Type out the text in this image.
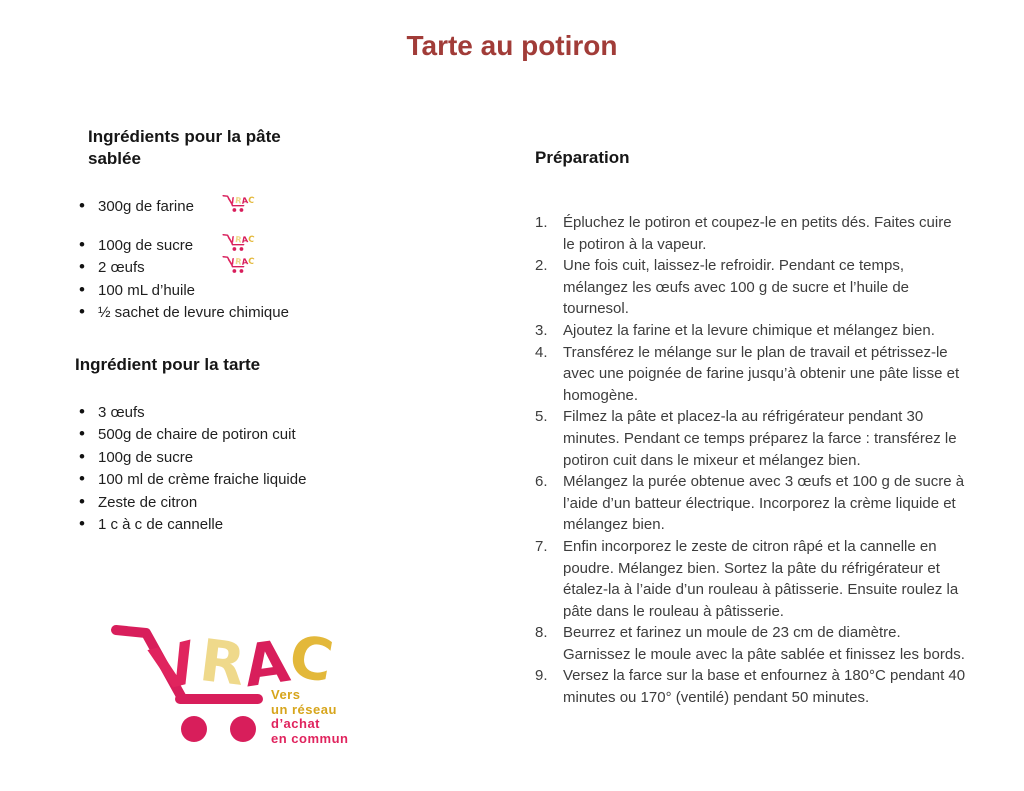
Tarte au potiron
Ingrédients pour la pâte sablée
• 300g de farine
• 100g de sucre
• 2 œufs
• 100 mL d’huile
• ½ sachet de levure chimique
Ingrédient pour la tarte
• 3 œufs
• 500g de chaire de potiron cuit
• 100g de sucre
• 100 ml de crème fraiche liquide
• Zeste de citron
• 1 c à c de cannelle
Vers
un réseau
d’achat
en commun
Préparation
Épluchez le potiron et coupez-le en petits dés. Faites cuire le potiron à la vapeur.
Une fois cuit, laissez-le refroidir. Pendant ce temps, mélangez les œufs avec 100 g de sucre et l’huile de tournesol.
Ajoutez la farine et la levure chimique et mélangez bien.
Transférez le mélange sur le plan de travail et pétrissez-le avec une poignée de farine jusqu’à obtenir une pâte lisse et homogène.
Filmez la pâte et placez-la au réfrigérateur pendant 30 minutes. Pendant ce temps préparez la farce : transférez le potiron cuit dans le mixeur et mélangez bien.
Mélangez la purée obtenue avec 3 œufs et 100 g de sucre à l’aide d’un batteur électrique. Incorporez la crème liquide et mélangez bien.
Enfin incorporez le zeste de citron râpé et la cannelle en poudre. Mélangez bien. Sortez la pâte du réfrigérateur et étalez-la à l’aide d’un rouleau à pâtisserie. Ensuite roulez la pâte dans le rouleau à pâtisserie.
Beurrez et farinez un moule de 23 cm de diamètre. Garnissez le moule avec la pâte sablée et finissez les bords.
Versez la farce sur la base et enfournez à 180°C pendant 40 minutes ou 170° (ventilé) pendant 50 minutes.
